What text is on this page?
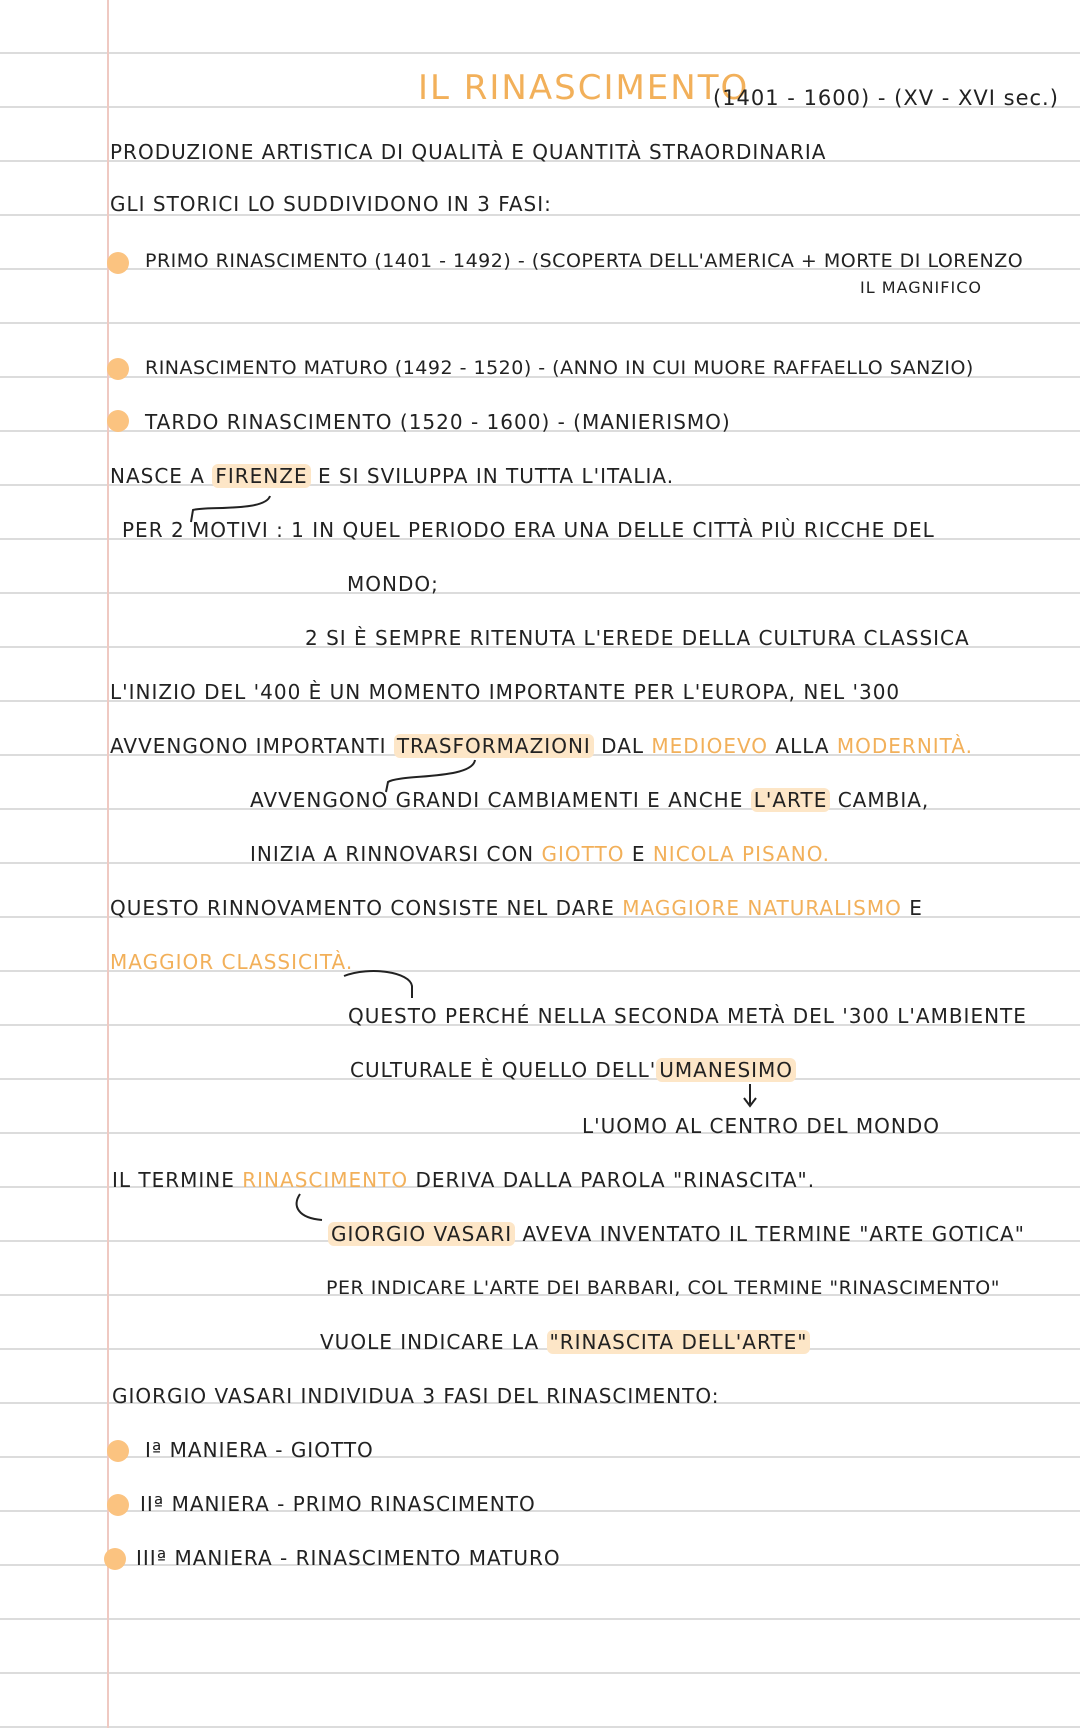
IL RINASCIMENTO
(1401 - 1600) - (XV - XVI sec.)
PRODUZIONE ARTISTICA DI QUALITÀ E QUANTITÀ STRAORDINARIA
GLI STORICI LO SUDDIVIDONO IN 3 FASI:
PRIMO RINASCIMENTO (1401 - 1492) - (SCOPERTA DELL'AMERICA + MORTE DI LORENZO
IL MAGNIFICO
RINASCIMENTO MATURO (1492 - 1520) - (ANNO IN CUI MUORE RAFFAELLO SANZIO)
TARDO RINASCIMENTO (1520 - 1600) - (MANIERISMO)
NASCE A FIRENZE E SI SVILUPPA IN TUTTA L'ITALIA.
PER 2 MOTIVI : 1 IN QUEL PERIODO ERA UNA DELLE CITTÀ PIÙ RICCHE DEL
MONDO;
2 SI È SEMPRE RITENUTA L'EREDE DELLA CULTURA CLASSICA
L'INIZIO DEL '400 È UN MOMENTO IMPORTANTE PER L'EUROPA, NEL '300
AVVENGONO IMPORTANTI TRASFORMAZIONI DAL MEDIOEVO ALLA MODERNITÀ.
AVVENGONO GRANDI CAMBIAMENTI E ANCHE L'ARTE CAMBIA,
INIZIA A RINNOVARSI CON GIOTTO E NICOLA PISANO.
QUESTO RINNOVAMENTO CONSISTE NEL DARE MAGGIORE NATURALISMO E
MAGGIOR CLASSICITÀ.
QUESTO PERCHÉ NELLA SECONDA METÀ DEL '300 L'AMBIENTE
CULTURALE È QUELLO DELL' UMANESIMO
L'UOMO AL CENTRO DEL MONDO
IL TERMINE RINASCIMENTO DERIVA DALLA PAROLA "RINASCITA".
GIORGIO VASARI AVEVA INVENTATO IL TERMINE "ARTE GOTICA"
PER INDICARE L'ARTE DEI BARBARI, COL TERMINE "RINASCIMENTO"
VUOLE INDICARE LA "RINASCITA DELL'ARTE"
GIORGIO VASARI INDIVIDUA 3 FASI DEL RINASCIMENTO:
Iª MANIERA - GIOTTO
IIª MANIERA - PRIMO RINASCIMENTO
IIIª MANIERA - RINASCIMENTO MATURO
